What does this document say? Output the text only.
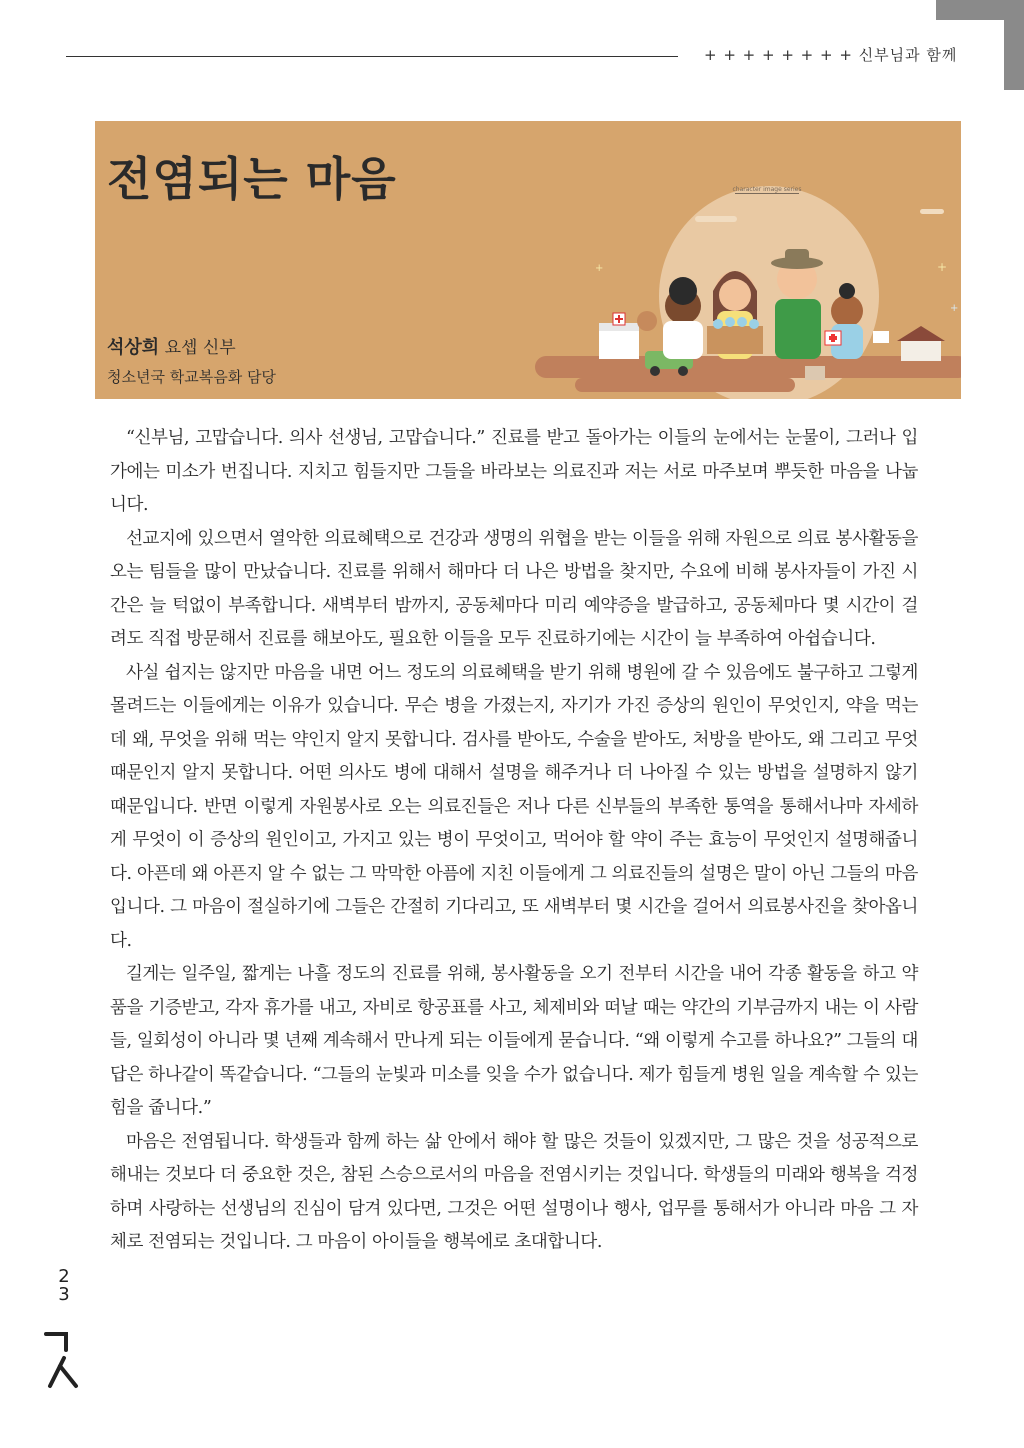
+ + + + + + + + 신부님과 함께
전염되는 마음
석상희 요셉 신부
청소년국 학교복음화 담당
character image series
+
+
+

“신부님, 고맙습니다. 의사 선생님, 고맙습니다.” 진료를 받고 돌아가는 이들의 눈에서는 눈물이, 그러나 입가에는 미소가 번집니다. 지치고 힘들지만 그들을 바라보는 의료진과 저는 서로 마주보며 뿌듯한 마음을 나눕니다.

선교지에 있으면서 열악한 의료혜택으로 건강과 생명의 위협을 받는 이들을 위해 자원으로 의료 봉사활동을 오는 팀들을 많이 만났습니다. 진료를 위해서 해마다 더 나은 방법을 찾지만, 수요에 비해 봉사자들이 가진 시간은 늘 턱없이 부족합니다. 새벽부터 밤까지, 공동체마다 미리 예약증을 발급하고, 공동체마다 몇 시간이 걸려도 직접 방문해서 진료를 해보아도, 필요한 이들을 모두 진료하기에는 시간이 늘 부족하여 아쉽습니다.

사실 쉽지는 않지만 마음을 내면 어느 정도의 의료혜택을 받기 위해 병원에 갈 수 있음에도 불구하고 그렇게 몰려드는 이들에게는 이유가 있습니다. 무슨 병을 가졌는지, 자기가 가진 증상의 원인이 무엇인지, 약을 먹는데 왜, 무엇을 위해 먹는 약인지 알지 못합니다. 검사를 받아도, 수술을 받아도, 처방을 받아도, 왜 그리고 무엇 때문인지 알지 못합니다. 어떤 의사도 병에 대해서 설명을 해주거나 더 나아질 수 있는 방법을 설명하지 않기 때문입니다. 반면 이렇게 자원봉사로 오는 의료진들은 저나 다른 신부들의 부족한 통역을 통해서나마 자세하게 무엇이 이 증상의 원인이고, 가지고 있는 병이 무엇이고, 먹어야 할 약이 주는 효능이 무엇인지 설명해줍니다. 아픈데 왜 아픈지 알 수 없는 그 막막한 아픔에 지친 이들에게 그 의료진들의 설명은 말이 아닌 그들의 마음입니다. 그 마음이 절실하기에 그들은 간절히 기다리고, 또 새벽부터 몇 시간을 걸어서 의료봉사진을 찾아옵니다.

길게는 일주일, 짧게는 나흘 정도의 진료를 위해, 봉사활동을 오기 전부터 시간을 내어 각종 활동을 하고 약품을 기증받고, 각자 휴가를 내고, 자비로 항공표를 사고, 체제비와 떠날 때는 약간의 기부금까지 내는 이 사람들, 일회성이 아니라 몇 년째 계속해서 만나게 되는 이들에게 묻습니다. “왜 이렇게 수고를 하나요?” 그들의 대답은 하나같이 똑같습니다. “그들의 눈빛과 미소를 잊을 수가 없습니다. 제가 힘들게 병원 일을 계속할 수 있는 힘을 줍니다.”

마음은 전염됩니다. 학생들과 함께 하는 삶 안에서 해야 할 많은 것들이 있겠지만, 그 많은 것을 성공적으로 해내는 것보다 더 중요한 것은, 참된 스승으로서의 마음을 전염시키는 것입니다. 학생들의 미래와 행복을 걱정하며 사랑하는 선생님의 진심이 담겨 있다면, 그것은 어떤 설명이나 행사, 업무를 통해서가 아니라 마음 그 자체로 전염되는 것입니다. 그 마음이 아이들을 행복에로 초대합니다.

2
3
